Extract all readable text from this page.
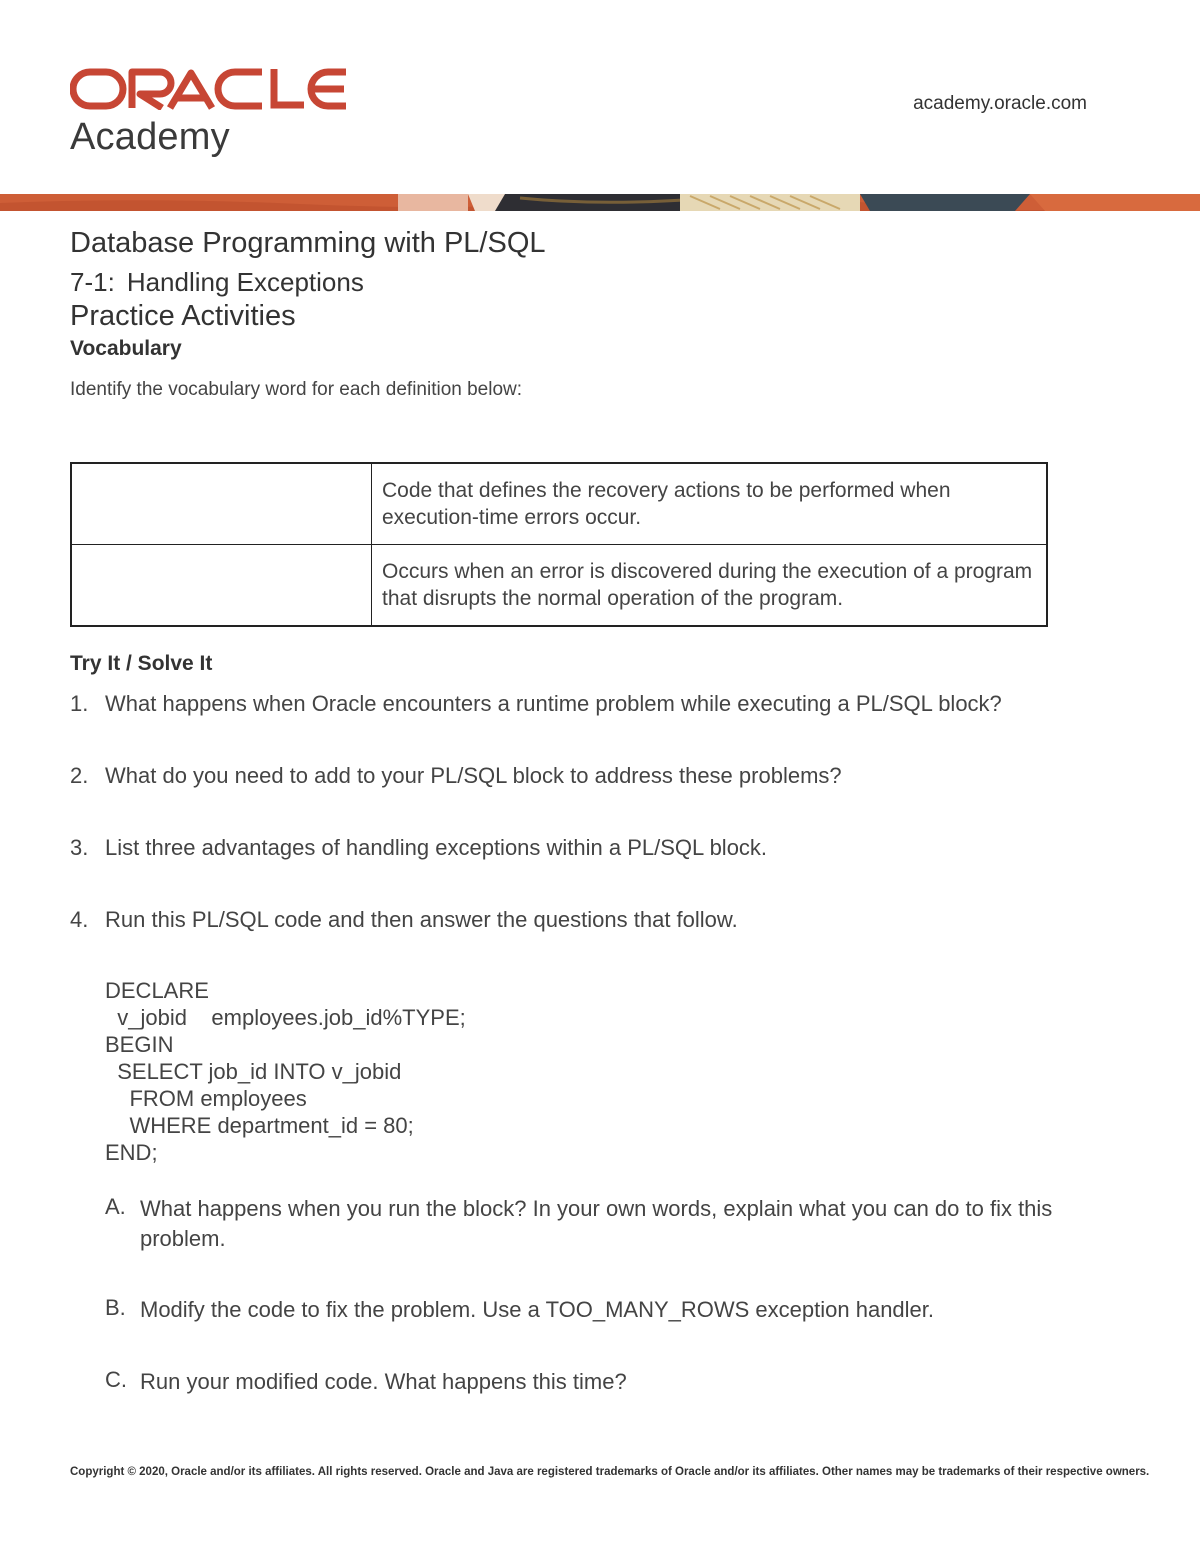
Academy
academy.oracle.com
Database Programming with PL/SQL
7-1: Handling Exceptions
Practice Activities
Vocabulary
Identify the vocabulary word for each definition below:
	Code that defines the recovery actions to be performed when execution-time errors occur.
	Occurs when an error is discovered during the execution of a program that disrupts the normal operation of the program.
Try It / Solve It
1. What happens when Oracle encounters a runtime problem while executing a PL/SQL block?
2. What do you need to add to your PL/SQL block to address these problems?
3. List three advantages of handling exceptions within a PL/SQL block.
4. Run this PL/SQL code and then answer the questions that follow.
DECLARE
v_jobid    employees.job_id%TYPE;
BEGIN
SELECT job_id INTO v_jobid
FROM employees
WHERE department_id = 80;
END;
A. What happens when you run the block? In your own words, explain what you can do to fix this problem.
B. Modify the code to fix the problem. Use a TOO_MANY_ROWS exception handler.
C. Run your modified code. What happens this time?
Copyright © 2020, Oracle and/or its affiliates. All rights reserved. Oracle and Java are registered trademarks of Oracle and/or its affiliates. Other names may be trademarks of their respective owners.
